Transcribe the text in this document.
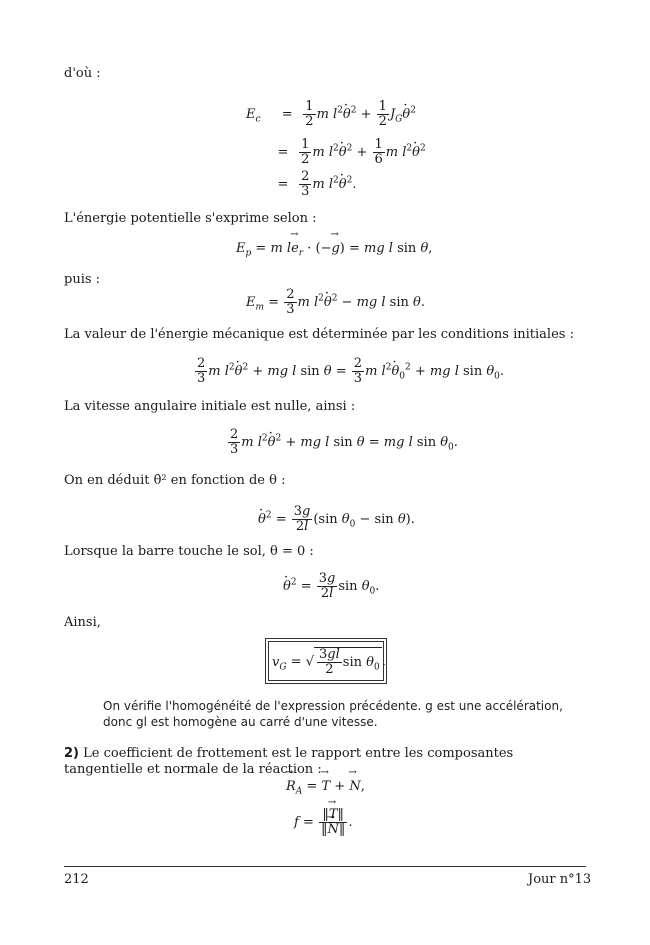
d'où :
$E_c = \frac{1}{2}$ m $l^2\theta \cdot^2 + \frac{1}{2} J_G\theta \cdot^2$
= $\frac{1}{2}$ m $l^2\theta \cdot^2 + \frac{1}{6}$ m $l^2\theta \cdot^2$
= $\frac{2}{3}$ m $l^2\theta \cdot^2$.
L'énergie potentielle s'exprime selon :
$E_p = m$ le $\to_r \cdot (-g$ →) = mg l sin θ,
puis :
$E_m = \frac{2}{3}$ m $l^2\theta \cdot^2$ − mg l sin θ.
La valeur de l'énergie mécanique est déterminée par les conditions initiales :
$\frac{2}{3}$ m $l^2\theta \cdot^2$ + mg l $\sin \theta = \frac{2}{3}$ m $l^2\theta \cdot_0^2$ + mg l $\sin \theta_0$.
La vitesse angulaire initiale est nulle, ainsi :
$\frac{2}{3}$ m $l^2\theta \cdot^2$ + mg l sin θ = mg l $\sin \theta_0$.
On en déduit θ̇² en fonction de θ :
$\theta \cdot^2 = \frac{3g}{2l} (\sin$ $\theta_0 - \sin \theta$).
Lorsque la barre touche le sol, θ = 0 :
$\theta \cdot^2 = \frac{3g}{2l}$ $\sin \theta_0$.
Ainsi,
$v_G$ = √ $\frac{3gl}{2}$ $\sin \theta_0$ .
On vérifie l'homogénéité de l'expression précédente. g est une accélération, donc gl est homogène au carré d'une vitesse.
2) Le coefficient de frottement est le rapport entre les composantes tangentielle et normale de la réaction :
$R \to_A = T$ → + N →,
$f = \frac{‖T \to‖}{‖N \to‖}$ .
212	Jour n°13
